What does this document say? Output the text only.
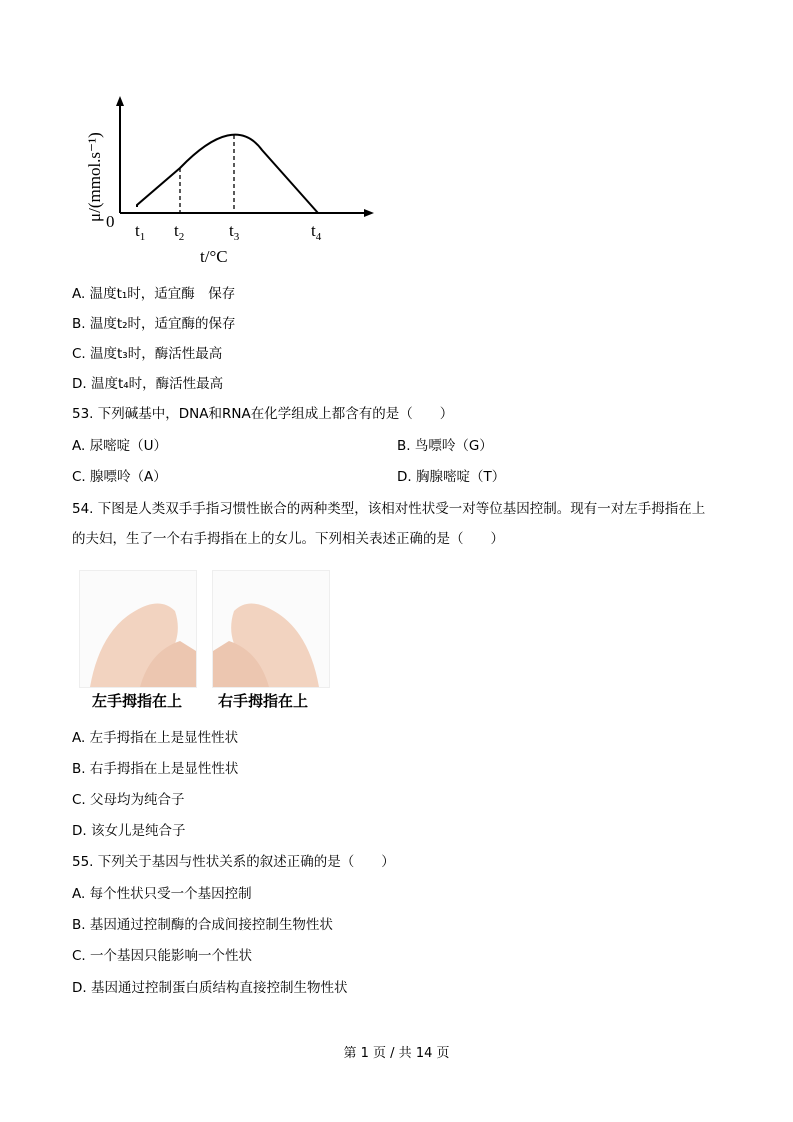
μ/(mmol.s⁻¹) 0 $t_1$ $t_2$	$t_3$	$t_4$
t/°C
A. 温度t₁时，适宜酶　保存
B. 温度t₂时，适宜酶的保存
C. 温度t₃时，酶活性最高
D. 温度t₄时，酶活性最高
53. 下列碱基中，DNA和RNA在化学组成上都含有的是（　　）
A. 尿嘧啶（U）	B. 鸟嘌呤（G）
C. 腺嘌呤（A）	D. 胸腺嘧啶（T）
54. 下图是人类双手手指习惯性嵌合的两种类型，该相对性状受一对等位基因控制。现有一对左手拇指在上
的夫妇，生了一个右手拇指在上的女儿。下列相关表述正确的是（　　）
左手拇指在上 右手拇指在上
A. 左手拇指在上是显性性状
B. 右手拇指在上是显性性状
C. 父母均为纯合子
D. 该女儿是纯合子
55. 下列关于基因与性状关系的叙述正确的是（　　）
A. 每个性状只受一个基因控制
B. 基因通过控制酶的合成间接控制生物性状
C. 一个基因只能影响一个性状
D. 基因通过控制蛋白质结构直接控制生物性状
第 1 页 / 共 14 页
